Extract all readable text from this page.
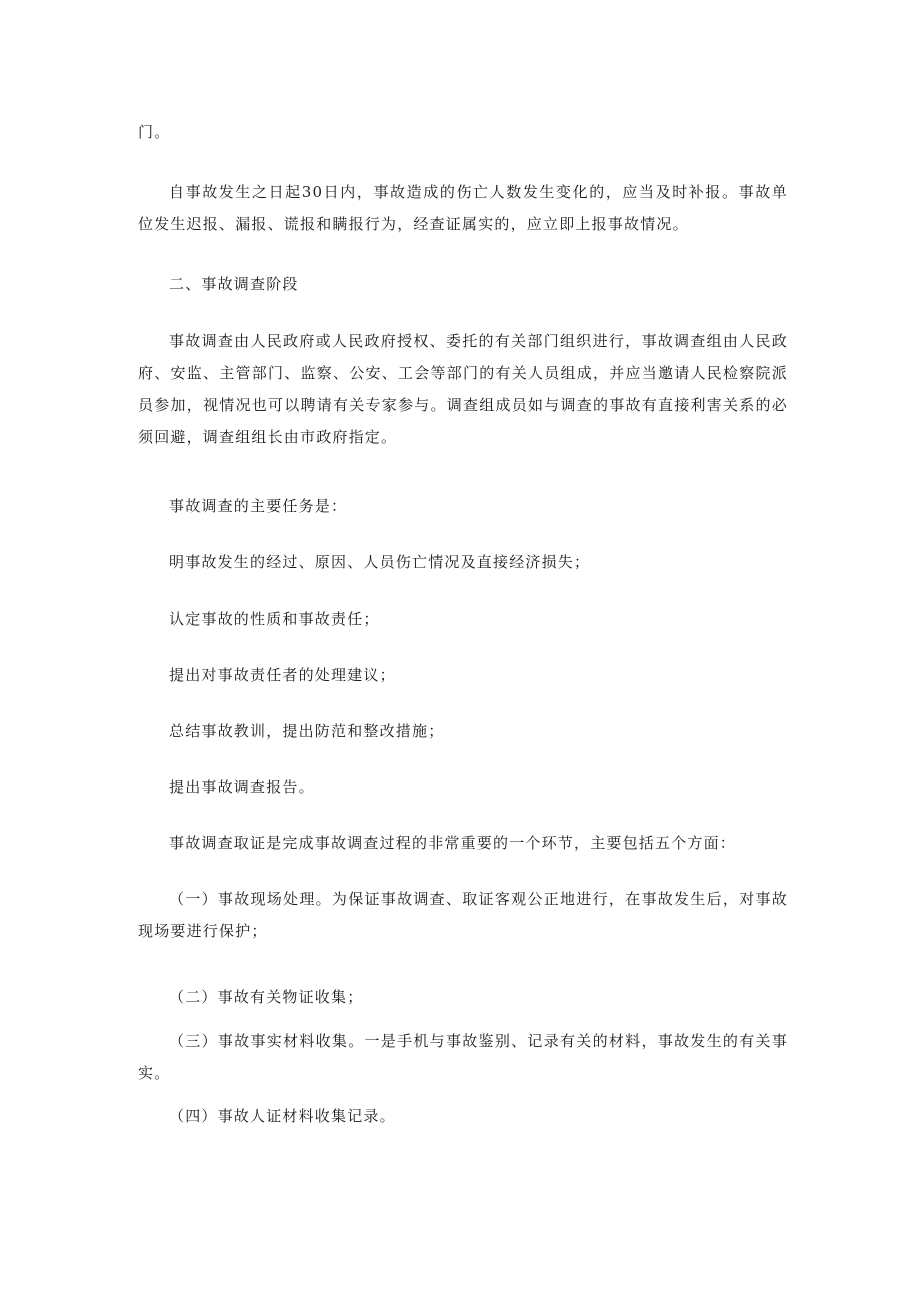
门。

自事故发生之日起30日内，事故造成的伤亡人数发生变化的，应当及时补报。事故单位发生迟报、漏报、谎报和瞒报行为，经查证属实的，应立即上报事故情况。

二、事故调查阶段

事故调查由人民政府或人民政府授权、委托的有关部门组织进行，事故调查组由人民政府、安监、主管部门、监察、公安、工会等部门的有关人员组成，并应当邀请人民检察院派员参加，视情况也可以聘请有关专家参与。调查组成员如与调查的事故有直接利害关系的必须回避，调查组组长由市政府指定。

事故调查的主要任务是：

明事故发生的经过、原因、人员伤亡情况及直接经济损失；

认定事故的性质和事故责任；

提出对事故责任者的处理建议；

总结事故教训，提出防范和整改措施；

提出事故调查报告。

事故调查取证是完成事故调查过程的非常重要的一个环节，主要包括五个方面：

（一）事故现场处理。为保证事故调查、取证客观公正地进行，在事故发生后，对事故现场要进行保护；

（二）事故有关物证收集；

（三）事故事实材料收集。一是手机与事故鉴别、记录有关的材料，事故发生的有关事实。

（四）事故人证材料收集记录。
